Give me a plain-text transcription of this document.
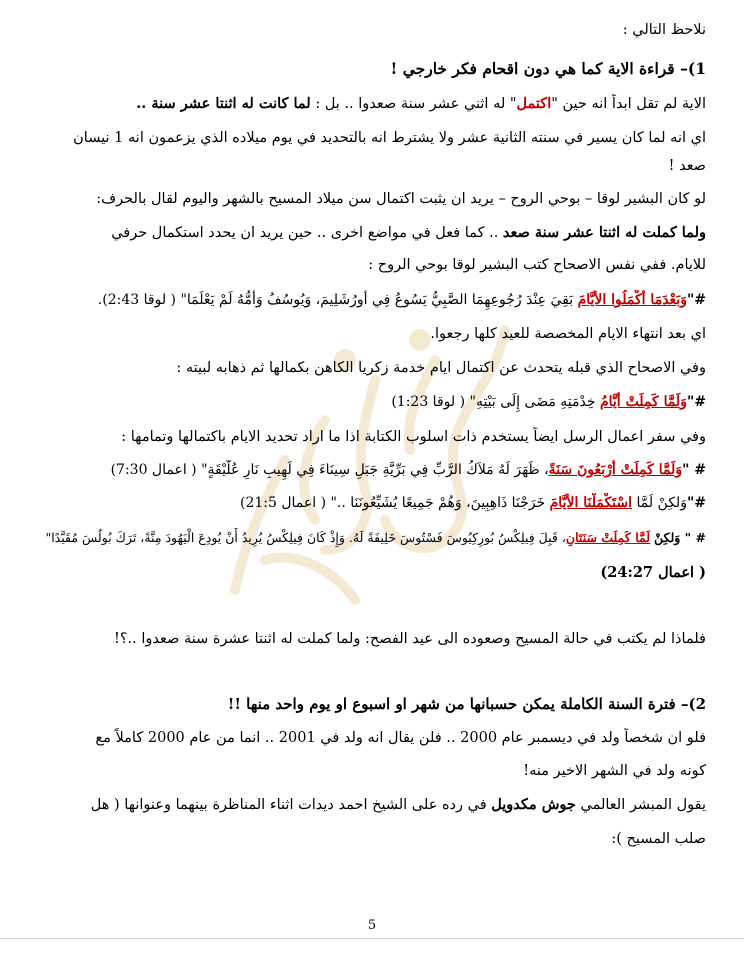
نلاحظ التالي :
1)– قراءة الاية كما هي دون اقحام فكر خارجي !
الاية لم تقل ابداً انه حين "اكتمل" له اثني عشر سنة صعدوا .. بل : لما كانت له اثنتا عشر سنة ..
اي انه لما كان يسير في سنته الثانية عشر ولا يشترط انه بالتحديد في يوم ميلاده الذي يزعمون انه 1 نيسان
صعد !
لو كان البشير لوقا – بوحي الروح – يريد ان يثبت اكتمال سن ميلاد المسيح بالشهر واليوم لقال بالحرف:
ولما كملت له اثنتا عشر سنة صعد .. كما فعل في مواضع اخرى .. حين يريد ان يحدد استكمال حرفي
للايام. ففي نفس الاصحاح كتب البشير لوقا بوحي الروح :
#"وَبَعْدَمَا أَكْمَلُوا الأَيَّامَ بَقِيَ عِنْدَ رُجُوعِهِمَا الصَّبِيُّ يَسُوعُ فِي أُورُشَلِيمَ، وَيُوسُفُ وَأُمُّهُ لَمْ يَعْلَمَا" ( لوقا 2:43).
اي بعد انتهاء الايام المخصصة للعيد كلها رجعوا.
وفي الاصحاح الذي قبله يتحدث عن اكتمال ايام خدمة زكريا الكاهن بكمالها ثم ذهابه لبيته :
#"وَلَمَّا كَمِلَتْ أَيَّامُ خِدْمَتِهِ مَضَى إِلَى بَيْتِهِ" ( لوقا 1:23)
وفي سفر اعمال الرسل ايضاً يستخدم ذات اسلوب الكتابة اذا ما اراد تحديد الايام باكتمالها وتمامها :
# "وَلَمَّا كَمِلَتْ أَرْبَعُونَ سَنَةً، ظَهَرَ لَهُ مَلاَكُ الرَّبِّ فِي بَرِّيَّةِ جَبَلِ سِينَاءَ فِي لَهِيبِ نَارِ عُلَّيْقَةٍ" ( اعمال 7:30)
#"وَلكِنْ لَمَّا اسْتَكْمَلْنَا الأَيَّامَ خَرَجْنَا ذَاهِبِينَ، وَهُمْ جَمِيعًا يُشَيِّعُونَنَا .." ( اعمال 21:5)
# " وَلكِنْ لَمَّا كَمِلَتْ سَنَتَانِ، قَبِلَ فِيلِكْسُ بُورِكِيُوسَ فَسْتُوسَ خَلِيفَةً لَهُ. وَإِذْ كَانَ فِيلِكْسُ يُرِيدُ أَنْ يُودِعَ الْيَهُودَ مِنَّةً، تَرَكَ بُولُسَ مُقَيَّدًا"
( اعمال 24:27)
فلماذا لم يكتب في حالة المسيح وصعوده الى عيد الفصح: ولما كملت له اثنتا عشرة سنة صعدوا ..؟!
2)– فترة السنة الكاملة يمكن حسبانها من شهر او اسبوع او يوم واحد منها !!
فلو ان شخصاً ولد في ديسمبر عام 2000 .. فلن يقال انه ولد في 2001 .. انما من عام 2000 كاملاً مع
كونه ولد في الشهر الاخير منه!
يقول المبشر العالمي جوش مكدويل في رده على الشيخ احمد ديدات اثناء المناظرة بينهما وعنوانها ( هل
صلب المسيح ):
5
